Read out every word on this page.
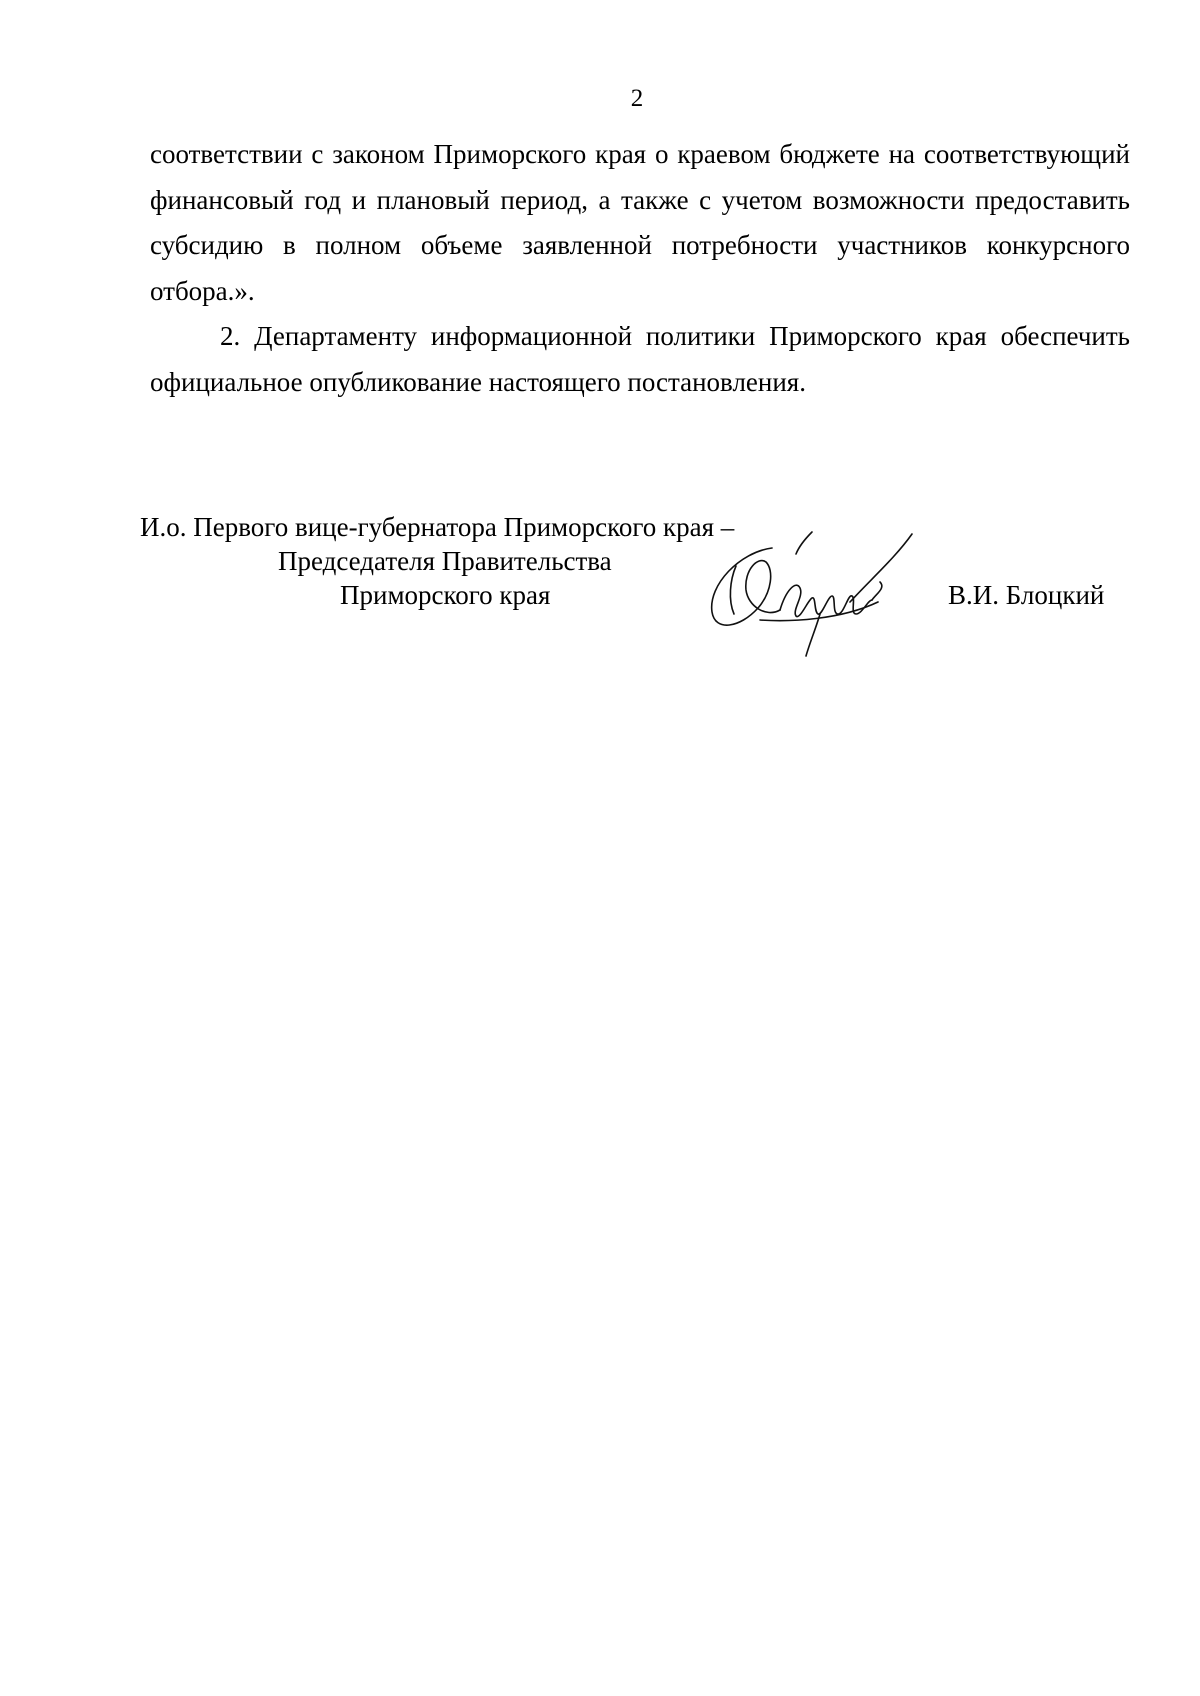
2

соответствии с законом Приморского края о краевом бюджете на соответствующий финансовый год и плановый период, а также с учетом возможности предоставить субсидию в полном объеме заявленной потребности участников конкурсного отбора.».

2. Департаменту информационной политики Приморского края обеспечить официальное опубликование настоящего постановления.

И.о. Первого вице-губернатора Приморского края –
Председателя Правительства
Приморского края	В.И. Блоцкий
